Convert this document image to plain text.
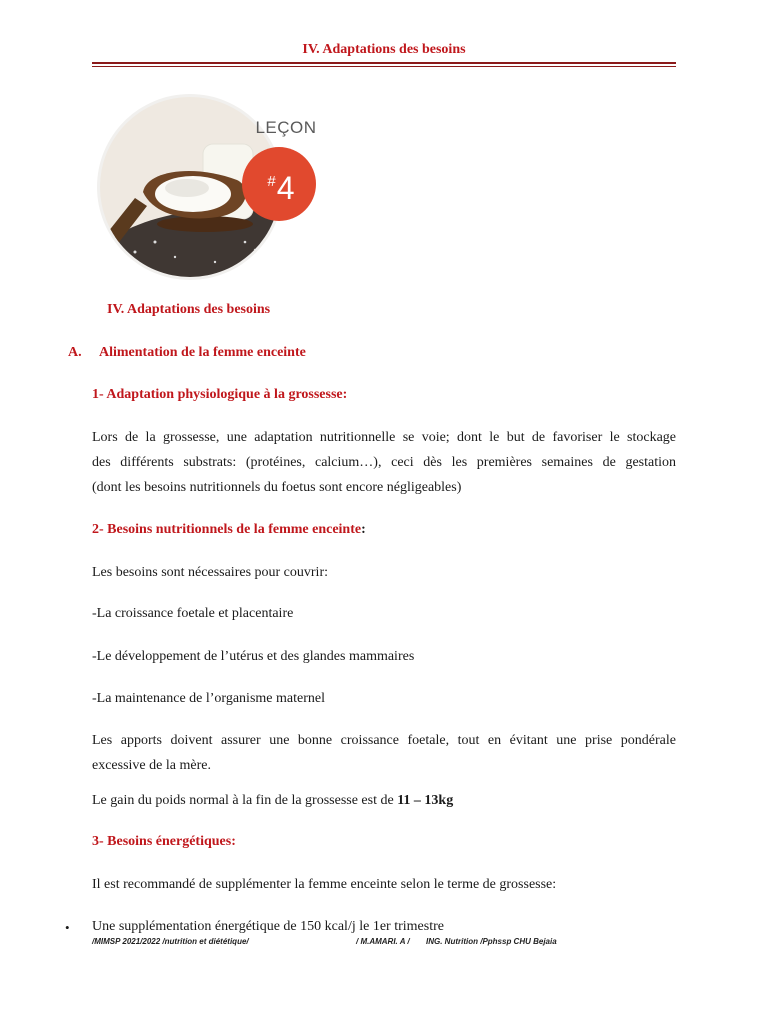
IV. Adaptations des besoins
LEÇON
#4
IV. Adaptations des besoins
A. Alimentation de la femme enceinte
1- Adaptation physiologique à la grossesse:
Lors de la grossesse, une adaptation nutritionnelle se voie; dont le but de favoriser le stockage
des différents substrats: (protéines, calcium…), ceci dès les premières semaines de gestation
(dont les besoins nutritionnels du foetus sont encore négligeables)
2- Besoins nutritionnels de la femme enceinte:
Les besoins sont nécessaires pour couvrir:
-La croissance foetale et placentaire
-Le développement de l’utérus et des glandes mammaires
-La maintenance de l’organisme maternel
Les apports doivent assurer une bonne croissance foetale, tout en évitant une prise pondérale
excessive de la mère.
Le gain du poids normal à la fin de la grossesse est de 11 – 13kg
3- Besoins énergétiques:
Il est recommandé de supplémenter la femme enceinte selon le terme de grossesse:
• Une supplémentation énergétique de 150 kcal/j le 1er trimestre
/MIMSP 2021/2022 /nutrition et diététique/	/ M.AMARI. A / ING. Nutrition /Pphssp CHU Bejaia
